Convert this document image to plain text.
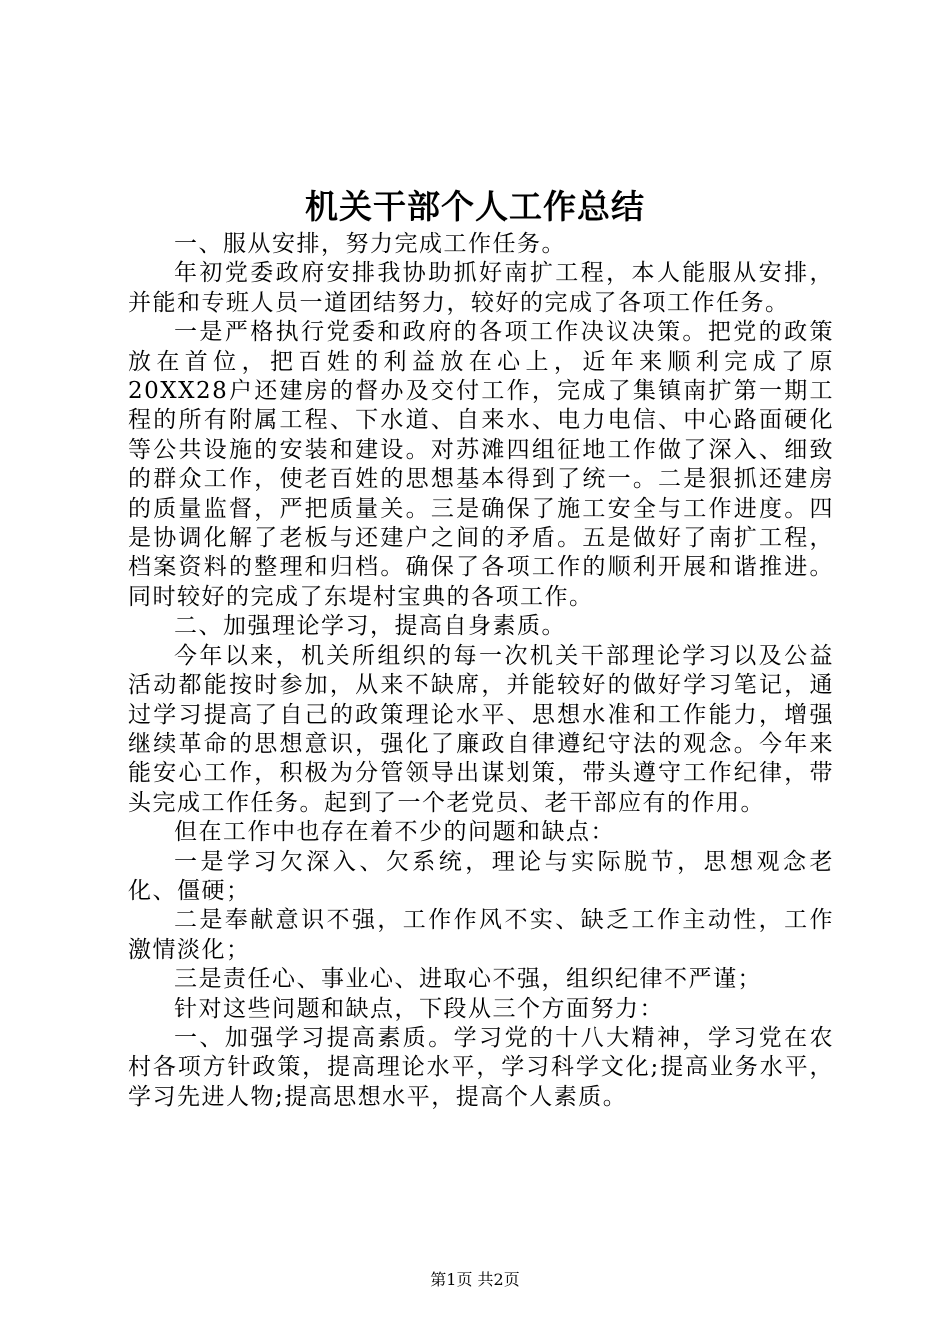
机关干部个人工作总结

一、服从安排，努力完成工作任务。

年初党委政府安排我协助抓好南扩工程，本人能服从安排，并能和专班人员一道团结努力，较好的完成了各项工作任务。

一是严格执行党委和政府的各项工作决议决策。把党的政策放在首位，把百姓的利益放在心上，近年来顺利完成了原20XX28户还建房的督办及交付工作，完成了集镇南扩第一期工程的所有附属工程、下水道、自来水、电力电信、中心路面硬化等公共设施的安装和建设。对苏滩四组征地工作做了深入、细致的群众工作，使老百姓的思想基本得到了统一。二是狠抓还建房的质量监督，严把质量关。三是确保了施工安全与工作进度。四是协调化解了老板与还建户之间的矛盾。五是做好了南扩工程，档案资料的整理和归档。确保了各项工作的顺利开展和谐推进。同时较好的完成了东堤村宝典的各项工作。

二、加强理论学习，提高自身素质。

今年以来，机关所组织的每一次机关干部理论学习以及公益活动都能按时参加，从来不缺席，并能较好的做好学习笔记，通过学习提高了自己的政策理论水平、思想水准和工作能力，增强继续革命的思想意识，强化了廉政自律遵纪守法的观念。今年来能安心工作，积极为分管领导出谋划策，带头遵守工作纪律，带头完成工作任务。起到了一个老党员、老干部应有的作用。

但在工作中也存在着不少的问题和缺点：

一是学习欠深入、欠系统，理论与实际脱节，思想观念老化、僵硬；

二是奉献意识不强，工作作风不实、缺乏工作主动性，工作激情淡化；

三是责任心、事业心、进取心不强，组织纪律不严谨；

针对这些问题和缺点，下段从三个方面努力：

一、加强学习提高素质。学习党的十八大精神，学习党在农村各项方针政策，提高理论水平，学习科学文化;提高业务水平，学习先进人物;提高思想水平，提高个人素质。

第1页 共2页
